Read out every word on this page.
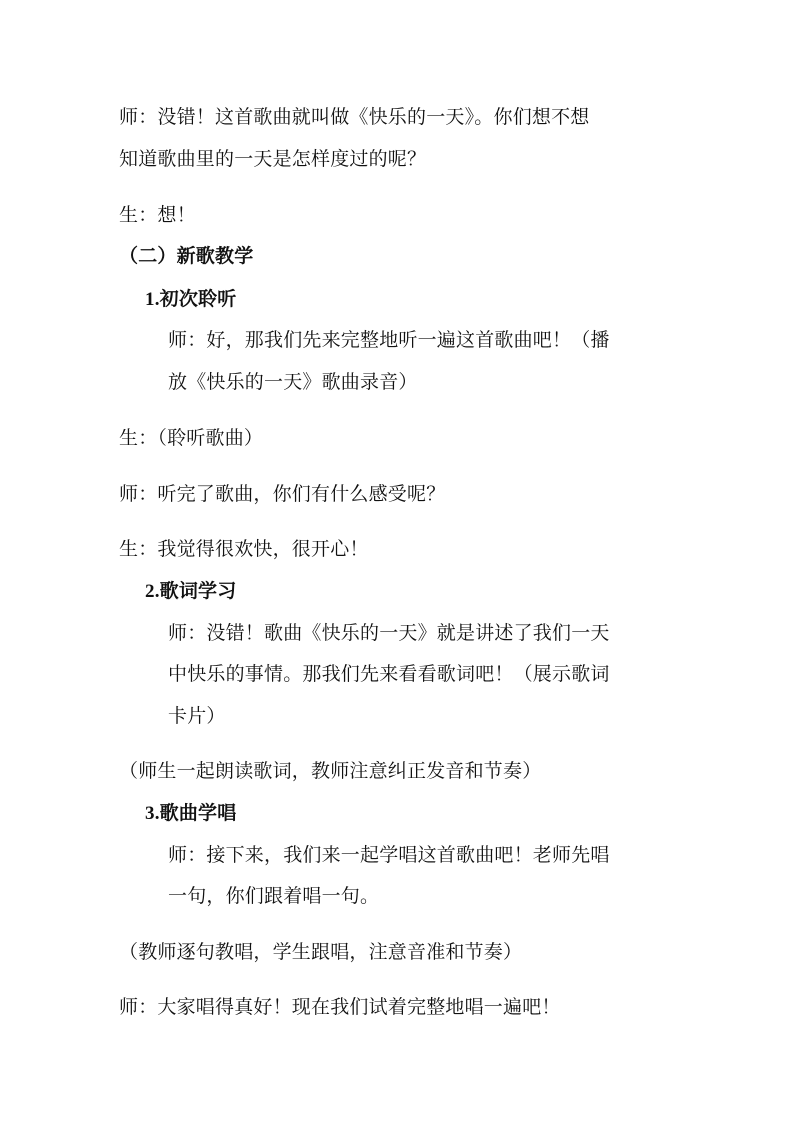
师：没错！这首歌曲就叫做《快乐的一天》。你们想不想
知道歌曲里的一天是怎样度过的呢？
生：想！
（二）新歌教学
1.初次聆听
师：好，那我们先来完整地听一遍这首歌曲吧！（播
放《快乐的一天》歌曲录音）
生：（聆听歌曲）
师：听完了歌曲，你们有什么感受呢？
生：我觉得很欢快，很开心！
2.歌词学习
师：没错！歌曲《快乐的一天》就是讲述了我们一天
中快乐的事情。那我们先来看看歌词吧！（展示歌词
卡片）
（师生一起朗读歌词，教师注意纠正发音和节奏）
3.歌曲学唱
师：接下来，我们来一起学唱这首歌曲吧！老师先唱
一句，你们跟着唱一句。
（教师逐句教唱，学生跟唱，注意音准和节奏）
师：大家唱得真好！现在我们试着完整地唱一遍吧！
